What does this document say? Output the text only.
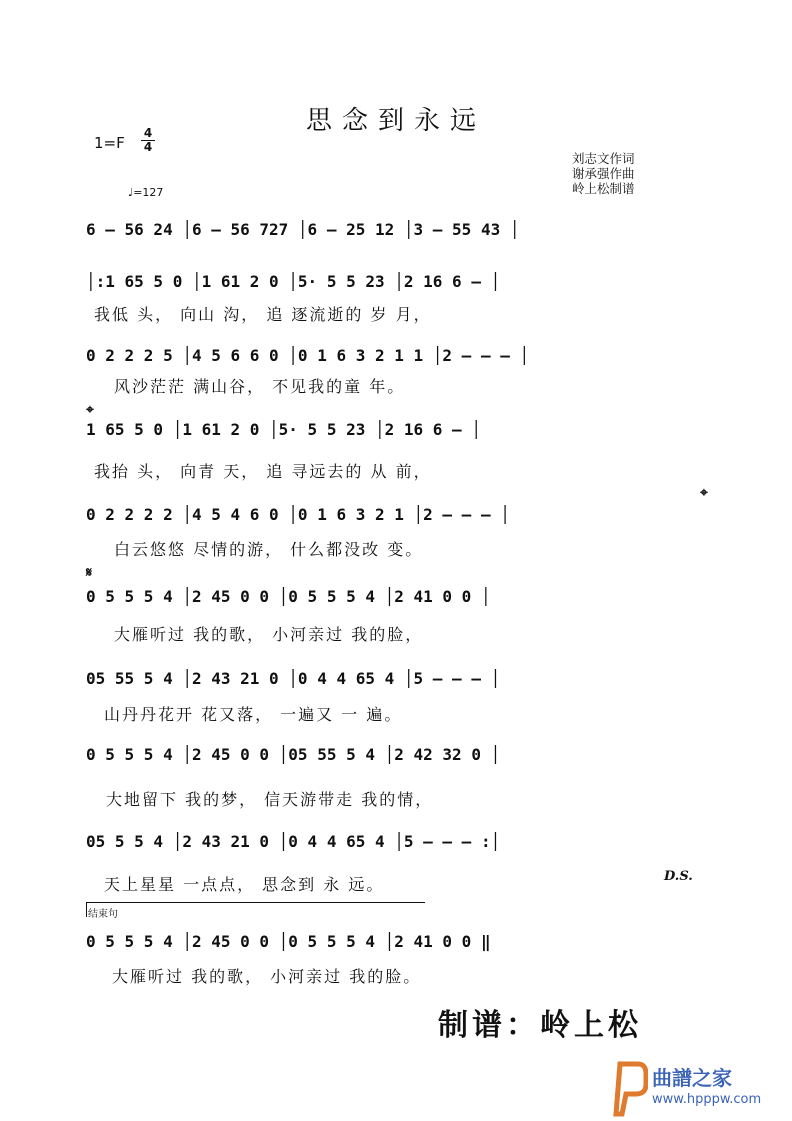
思念到永远
1=F
4
4
刘志文作词
谢承强作曲
岭上松制谱
♩=127
6 – 56 24 │6 – 56 727 │6 – 25 12 │3 – 55 43 │
│:1 65 5 0 │1 61 2 0 │5· 5 5 23 │2 16 6 – │
我低 头， 向山 沟， 追 逐流逝的 岁 月，
0 2 2 2 5 │4 5 6 6 0 │0 1 6 3 2 1 1 │2 – – – │
风沙茫茫 满山谷， 不见我的童 年。
⌖
1 65 5 0 │1 61 2 0 │5· 5 5 23 │2 16 6 – │
我抬 头， 向青 天， 追 寻远去的 从 前，
⌖
0 2 2 2 2 │4 5 4 6 0 │0 1 6 3 2 1 │2 – – – │
白云悠悠 尽情的游， 什么都没改 变。
𝄋
0 5 5 5 4 │2 45 0 0 │0 5 5 5 4 │2 41 0 0 │
大雁听过 我的歌， 小河亲过 我的脸，
05 55 5 4 │2 43 21 0 │0 4 4 65 4 │5 – – – │
山丹丹花开 花又落， 一遍又 一 遍。
0 5 5 5 4 │2 45 0 0 │05 55 5 4 │2 42 32 0 │
大地留下 我的梦， 信天游带走 我的情，
05 5 5 4 │2 43 21 0 │0 4 4 65 4 │5 – – – :│
天上星星 一点点， 思念到 永 远。	D.S.
结束句
0 5 5 5 4 │2 45 0 0 │0 5 5 5 4 │2 41 0 0 ‖
大雁听过 我的歌， 小河亲过 我的脸。
制谱：岭上松
曲譜之家
www.hpppw.com
